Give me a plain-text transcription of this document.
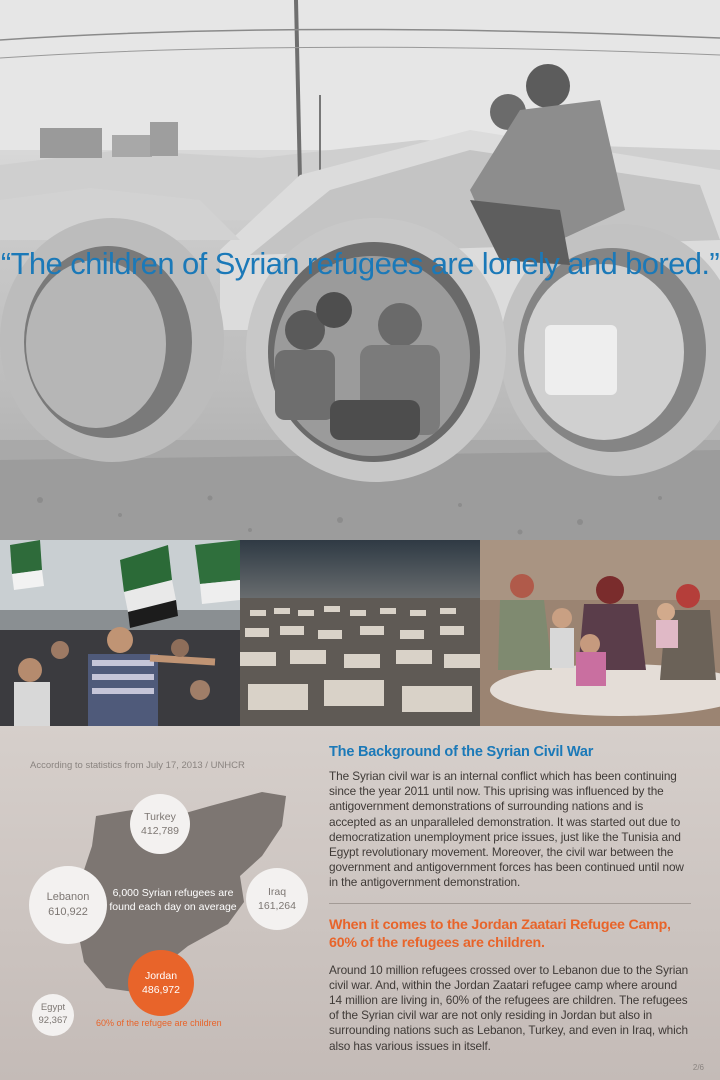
“The children of Syrian refugees are lonely and bored.”
According to statistics from July 17, 2013 / UNHCR
Turkey
412,789
Lebanon
610,922
Iraq
161,264
Jordan
486,972
Egypt
92,367
6,000 Syrian refugees are found each day on average
60% of the refugee are children
The Background of the Syrian Civil War
The Syrian civil war is an internal conflict which has been continuing since the year 2011 until now. This uprising was influenced by the antigovernment demonstrations of surrounding nations and is accepted as an unparalleled demonstration. It was started out due to democratization unemployment price issues, just like the Tunisia and Egypt revolutionary movement. Moreover, the civil war between the government and antigovernment forces has been continued until now in the antigovernment demonstration.
When it comes to the Jordan Zaatari Refugee Camp, 60% of the refugees are children.
Around 10 million refugees crossed over to Lebanon due to the Syrian civil war. And, within the Jordan Zaatari refugee camp where around 14 million are living in, 60% of the refugees are children. The refugees of the Syrian civil war are not only residing in Jordan but also in surrounding nations such as Lebanon, Turkey, and even in Iraq, which also has various issues in itself.
2/6
